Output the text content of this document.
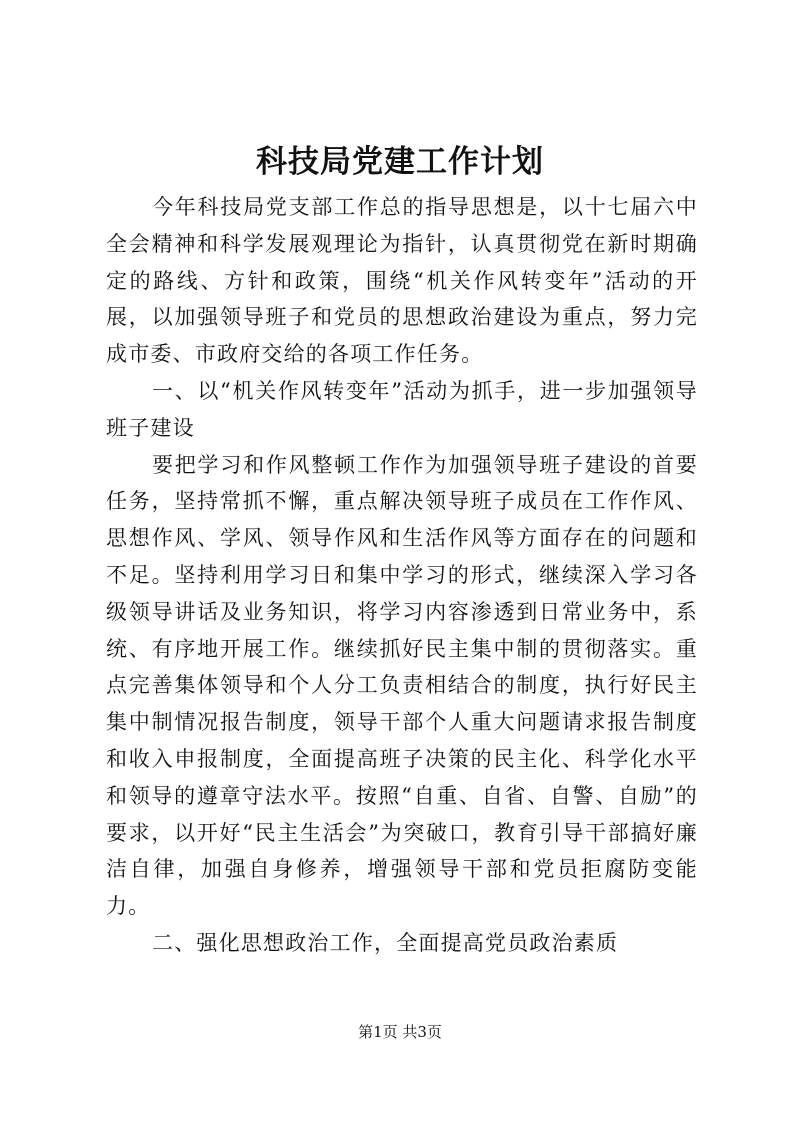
科技局党建工作计划

今年科技局党支部工作总的指导思想是，以十七届六中全会精神和科学发展观理论为指针，认真贯彻党在新时期确定的路线、方针和政策，围绕“机关作风转变年”活动的开展，以加强领导班子和党员的思想政治建设为重点，努力完成市委、市政府交给的各项工作任务。

一、以“机关作风转变年”活动为抓手，进一步加强领导班子建设

要把学习和作风整顿工作作为加强领导班子建设的首要任务，坚持常抓不懈，重点解决领导班子成员在工作作风、思想作风、学风、领导作风和生活作风等方面存在的问题和不足。坚持利用学习日和集中学习的形式，继续深入学习各级领导讲话及业务知识，将学习内容渗透到日常业务中，系统、有序地开展工作。继续抓好民主集中制的贯彻落实。重点完善集体领导和个人分工负责相结合的制度，执行好民主集中制情况报告制度，领导干部个人重大问题请求报告制度和收入申报制度，全面提高班子决策的民主化、科学化水平和领导的遵章守法水平。按照“自重、自省、自警、自励”的要求，以开好“民主生活会”为突破口，教育引导干部搞好廉洁自律，加强自身修养，增强领导干部和党员拒腐防变能力。

二、强化思想政治工作，全面提高党员政治素质

第1页 共3页
